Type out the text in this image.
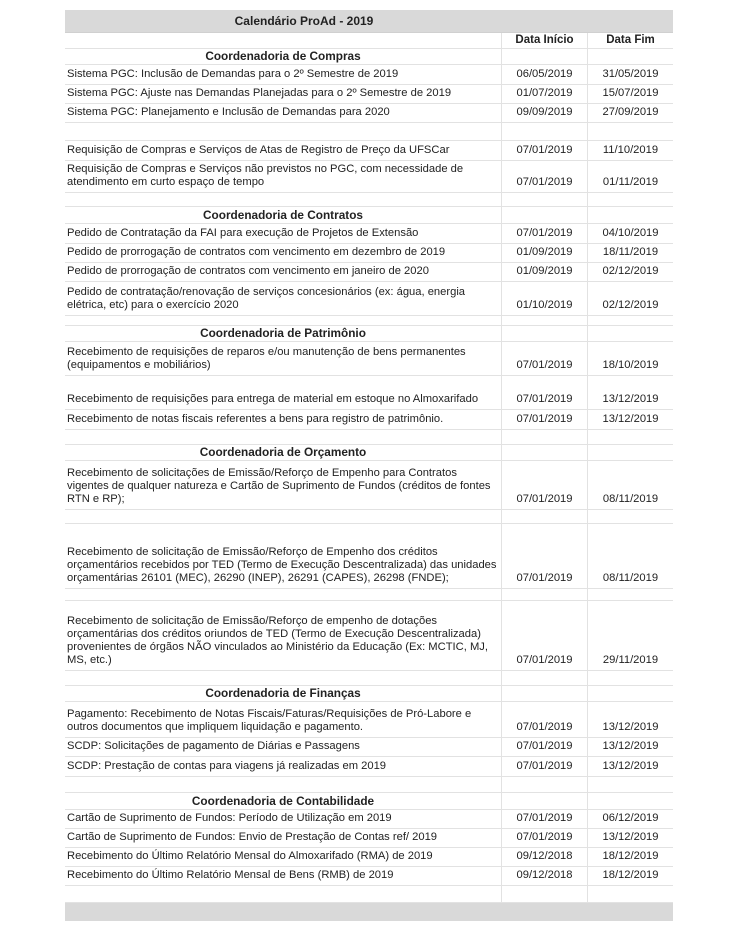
Calendário ProAd - 2019
Data Início	Data Fim
Coordenadoria de Compras
Sistema PGC: Inclusão de Demandas para o 2º Semestre de 2019	06/05/2019	31/05/2019
Sistema PGC: Ajuste nas Demandas Planejadas para o 2º Semestre de 2019	01/07/2019	15/07/2019
Sistema PGC: Planejamento e Inclusão de Demandas para 2020	09/09/2019	27/09/2019
Requisição de Compras e Serviços de Atas de Registro de Preço da UFSCar	07/01/2019	11/10/2019
Requisição de Compras e Serviços não previstos no PGC, com necessidade de atendimento em curto espaço de tempo	07/01/2019	01/11/2019
Coordenadoria de Contratos
Pedido de Contratação da FAI para execução de Projetos de Extensão	07/01/2019	04/10/2019
Pedido de prorrogação de contratos com vencimento em dezembro de 2019	01/09/2019	18/11/2019
Pedido de prorrogação de contratos com vencimento em janeiro de 2020	01/09/2019	02/12/2019
Pedido de contratação/renovação de serviços concesionários (ex: água, energia elétrica, etc) para o exercício 2020	01/10/2019	02/12/2019
Coordenadoria de Patrimônio
Recebimento de requisições de reparos e/ou manutenção de bens permanentes (equipamentos e mobiliários)	07/01/2019	18/10/2019
Recebimento de requisições para entrega de material em estoque no Almoxarifado	07/01/2019	13/12/2019
Recebimento de notas fiscais referentes a bens para registro de patrimônio.	07/01/2019	13/12/2019
Coordenadoria de Orçamento
Recebimento de solicitações de Emissão/Reforço de Empenho para Contratos vigentes de qualquer natureza e Cartão de Suprimento de Fundos (créditos de fontes RTN e RP);	07/01/2019	08/11/2019
Recebimento de solicitação de Emissão/Reforço de Empenho dos créditos orçamentários recebidos por TED (Termo de Execução Descentralizada) das unidades orçamentárias 26101 (MEC), 26290 (INEP), 26291 (CAPES), 26298 (FNDE);	07/01/2019	08/11/2019
Recebimento de solicitação de Emissão/Reforço de empenho de dotações orçamentárias dos créditos oriundos de TED (Termo de Execução Descentralizada) provenientes de órgãos NÃO vinculados ao Ministério da Educação (Ex: MCTIC, MJ, MS, etc.)	07/01/2019	29/11/2019
Coordenadoria de Finanças
Pagamento: Recebimento de Notas Fiscais/Faturas/Requisições de Pró-Labore e outros documentos que impliquem liquidação e pagamento.	07/01/2019	13/12/2019
SCDP: Solicitações de pagamento de Diárias e Passagens	07/01/2019	13/12/2019
SCDP: Prestação de contas para viagens já realizadas em 2019	07/01/2019	13/12/2019
Coordenadoria de Contabilidade
Cartão de Suprimento de Fundos: Período de Utilização em 2019	07/01/2019	06/12/2019
Cartão de Suprimento de Fundos: Envio de Prestação de Contas ref/ 2019	07/01/2019	13/12/2019
Recebimento do Último Relatório Mensal do Almoxarifado (RMA) de 2019	09/12/2018	18/12/2019
Recebimento do Último Relatório Mensal de Bens (RMB) de 2019	09/12/2018	18/12/2019
